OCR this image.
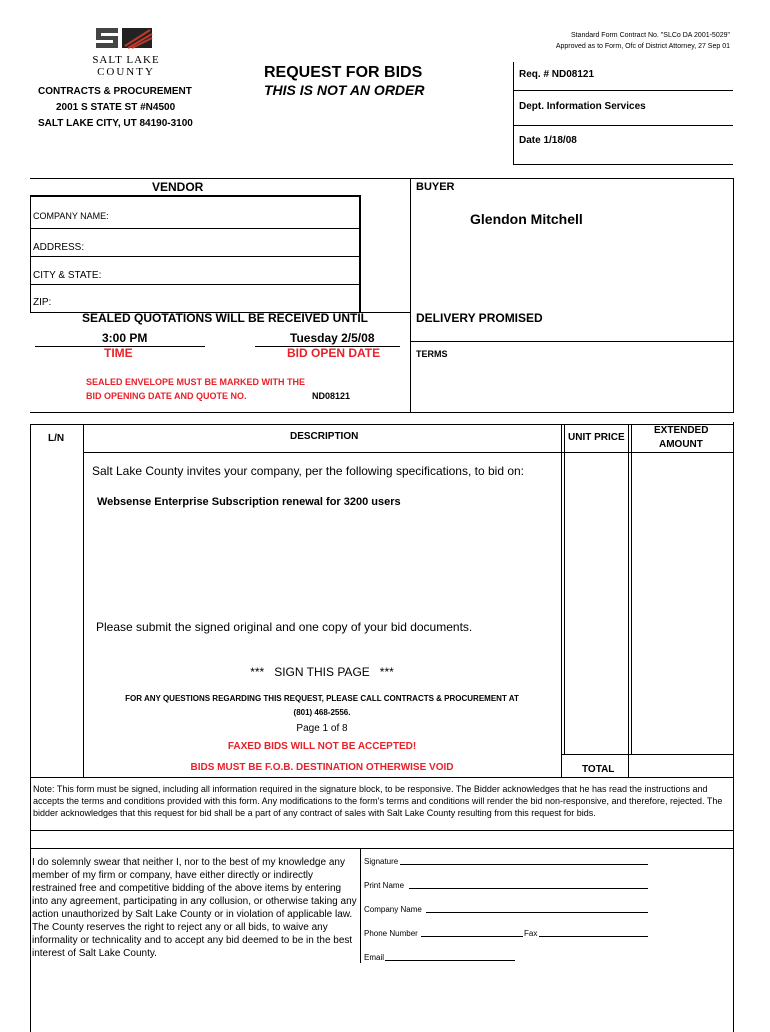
SALT LAKE
COUNTY
Standard Form Contract No. "SLCo DA 2001-5029"
Approved as to Form, Ofc of District Attorney, 27 Sep 01
CONTRACTS & PROCUREMENT
2001 S STATE ST #N4500
SALT LAKE CITY, UT 84190-3100
REQUEST FOR BIDS
THIS IS NOT AN ORDER
Req. # ND08121
Dept. Information Services
Date 1/18/08
VENDOR	BUYER
COMPANY NAME:
ADDRESS:
CITY & STATE:
ZIP:
Glendon Mitchell
SEALED QUOTATIONS WILL BE RECEIVED UNTIL
3:00 PM	Tuesday 2/5/08
TIME	BID OPEN DATE
SEALED ENVELOPE MUST BE MARKED WITH THE
BID OPENING DATE AND QUOTE NO.	ND08121
DELIVERY PROMISED
TERMS
L/N	DESCRIPTION	UNIT PRICE
EXTENDED
AMOUNT
Salt Lake County invites your company, per the following specifications, to bid on:
Websense Enterprise Subscription renewal for 3200 users
Please submit the signed original and one copy of your bid documents.
***   SIGN THIS PAGE   ***
FOR ANY QUESTIONS REGARDING THIS REQUEST, PLEASE CALL CONTRACTS & PROCUREMENT AT
(801) 468-2556.
Page 1 of 8
FAXED BIDS WILL NOT BE ACCEPTED!
BIDS MUST BE F.O.B. DESTINATION OTHERWISE VOID	TOTAL
Note: This form must be signed, including all information required in the signature block, to be responsive. The Bidder acknowledges that he has read the instructions and accepts the terms and conditions provided with this form. Any modifications to the form's terms and conditions will render the bid non-responsive, and therefore, rejected. The bidder acknowledges that this request for bid shall be a part of any contract of sales with Salt Lake County resulting from this request for bids.
I do solemnly swear that neither I, nor to the best of my knowledge any member of my firm or company, have either directly or indirectly restrained free and competitive bidding of the above items by entering into any agreement, participating in any collusion, or otherwise taking any action unauthorized by Salt Lake County or in violation of applicable law. The County reserves the right to reject any or all bids, to waive any informality or technicality and to accept any bid deemed to be in the best interest of Salt Lake County.
Signature
Print Name
Company Name
Phone Number	Fax
Email
